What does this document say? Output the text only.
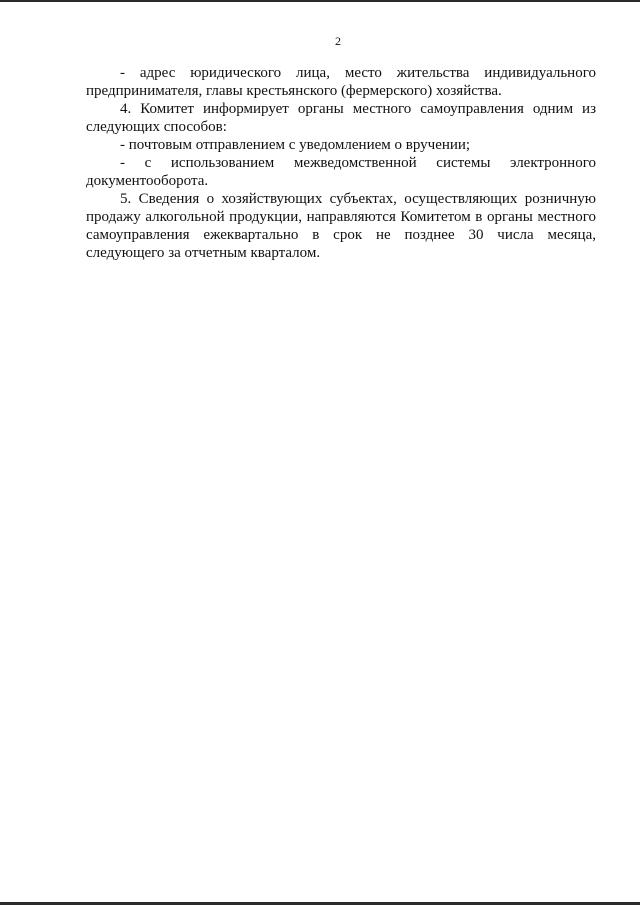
2

- адрес юридического лица, место жительства индивидуального предпринимателя, главы крестьянского (фермерского) хозяйства.

4. Комитет информирует органы местного самоуправления одним из следующих способов:

- почтовым отправлением с уведомлением о вручении;

- с использованием межведомственной системы электронного документооборота.

5. Сведения о хозяйствующих субъектах, осуществляющих розничную продажу алкогольной продукции, направляются Комитетом в органы местного самоуправления ежеквартально в срок не позднее 30 числа месяца, следующего за отчетным кварталом.
